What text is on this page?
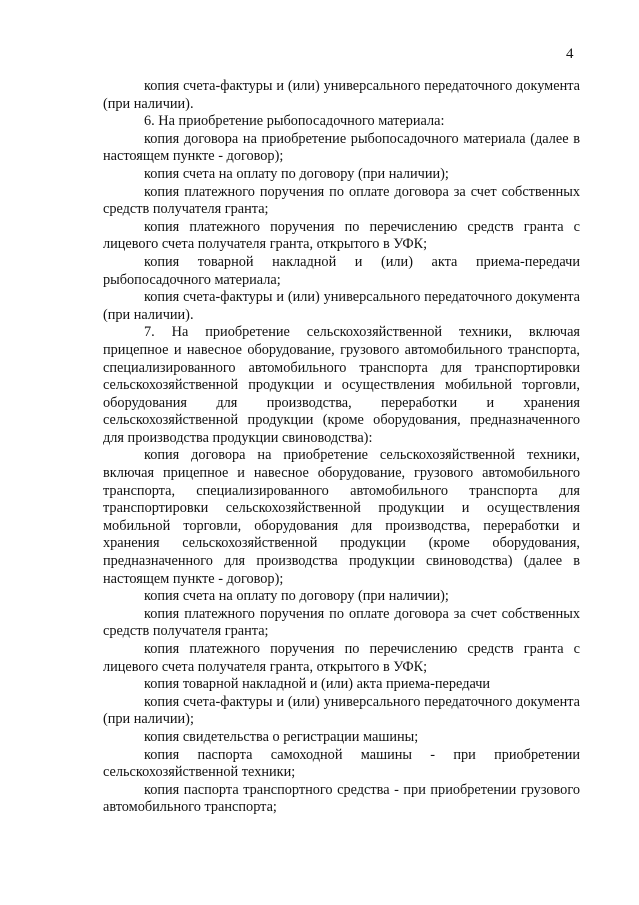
4

копия счета-фактуры и (или) универсального передаточного документа (при наличии).

6. На приобретение рыбопосадочного материала:

копия договора на приобретение рыбопосадочного материала (далее в настоящем пункте - договор);

копия счета на оплату по договору (при наличии);

копия платежного поручения по оплате договора за счет собственных средств получателя гранта;

копия платежного поручения по перечислению средств гранта с лицевого счета получателя гранта, открытого в УФК;

копия товарной накладной и (или) акта приема-передачи рыбопосадочного материала;

копия счета-фактуры и (или) универсального передаточного документа (при наличии).

7. На приобретение сельскохозяйственной техники, включая прицепное и навесное оборудование, грузового автомобильного транспорта, специализированного автомобильного транспорта для транспортировки сельскохозяйственной продукции и осуществления мобильной торговли, оборудования для производства, переработки и хранения сельскохозяйственной продукции (кроме оборудования, предназначенного для производства продукции свиноводства):

копия договора на приобретение сельскохозяйственной техники, включая прицепное и навесное оборудование, грузового автомобильного транспорта, специализированного автомобильного транспорта для транспортировки сельскохозяйственной продукции и осуществления мобильной торговли, оборудования для производства, переработки и хранения сельскохозяйственной продукции (кроме оборудования, предназначенного для производства продукции свиноводства) (далее в настоящем пункте - договор);

копия счета на оплату по договору (при наличии);

копия платежного поручения по оплате договора за счет собственных средств получателя гранта;

копия платежного поручения по перечислению средств гранта с лицевого счета получателя гранта, открытого в УФК;

копия товарной накладной и (или) акта приема-передачи

копия счета-фактуры и (или) универсального передаточного документа (при наличии);

копия свидетельства о регистрации машины;

копия паспорта самоходной машины - при приобретении сельскохозяйственной техники;

копия паспорта транспортного средства - при приобретении грузового автомобильного транспорта;
